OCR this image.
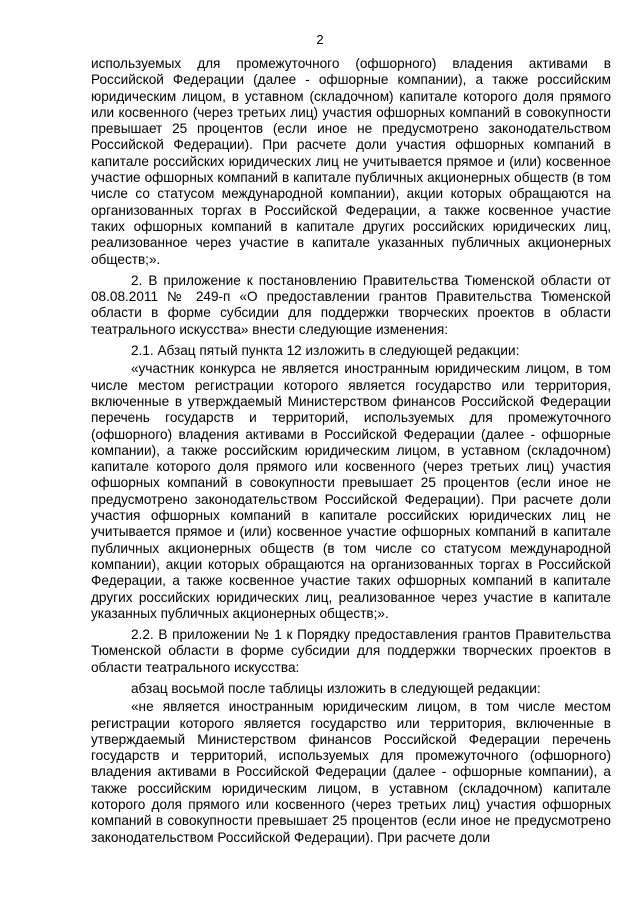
2

используемых для промежуточного (офшорного) владения активами в Российской Федерации (далее - офшорные компании), а также российским юридическим лицом, в уставном (складочном) капитале которого доля прямого или косвенного (через третьих лиц) участия офшорных компаний в совокупности превышает 25 процентов (если иное не предусмотрено законодательством Российской Федерации). При расчете доли участия офшорных компаний в капитале российских юридических лиц не учитывается прямое и (или) косвенное участие офшорных компаний в капитале публичных акционерных обществ (в том числе со статусом международной компании), акции которых обращаются на организованных торгах в Российской Федерации, а также косвенное участие таких офшорных компаний в капитале других российских юридических лиц, реализованное через участие в капитале указанных публичных акционерных обществ;».

2. В приложение к постановлению Правительства Тюменской области от 08.08.2011 № 249-п «О предоставлении грантов Правительства Тюменской области в форме субсидии для поддержки творческих проектов в области театрального искусства» внести следующие изменения:

2.1. Абзац пятый пункта 12 изложить в следующей редакции:

«участник конкурса не является иностранным юридическим лицом, в том числе местом регистрации которого является государство или территория, включенные в утверждаемый Министерством финансов Российской Федерации перечень государств и территорий, используемых для промежуточного (офшорного) владения активами в Российской Федерации (далее - офшорные компании), а также российским юридическим лицом, в уставном (складочном) капитале которого доля прямого или косвенного (через третьих лиц) участия офшорных компаний в совокупности превышает 25 процентов (если иное не предусмотрено законодательством Российской Федерации). При расчете доли участия офшорных компаний в капитале российских юридических лиц не учитывается прямое и (или) косвенное участие офшорных компаний в капитале публичных акционерных обществ (в том числе со статусом международной компании), акции которых обращаются на организованных торгах в Российской Федерации, а также косвенное участие таких офшорных компаний в капитале других российских юридических лиц, реализованное через участие в капитале указанных публичных акционерных обществ;».

2.2. В приложении № 1 к Порядку предоставления грантов Правительства Тюменской области в форме субсидии для поддержки творческих проектов в области театрального искусства:

абзац восьмой после таблицы изложить в следующей редакции:

«не является иностранным юридическим лицом, в том числе местом регистрации которого является государство или территория, включенные в утверждаемый Министерством финансов Российской Федерации перечень государств и территорий, используемых для промежуточного (офшорного) владения активами в Российской Федерации (далее - офшорные компании), а также российским юридическим лицом, в уставном (складочном) капитале которого доля прямого или косвенного (через третьих лиц) участия офшорных компаний в совокупности превышает 25 процентов (если иное не предусмотрено законодательством Российской Федерации). При расчете доли
